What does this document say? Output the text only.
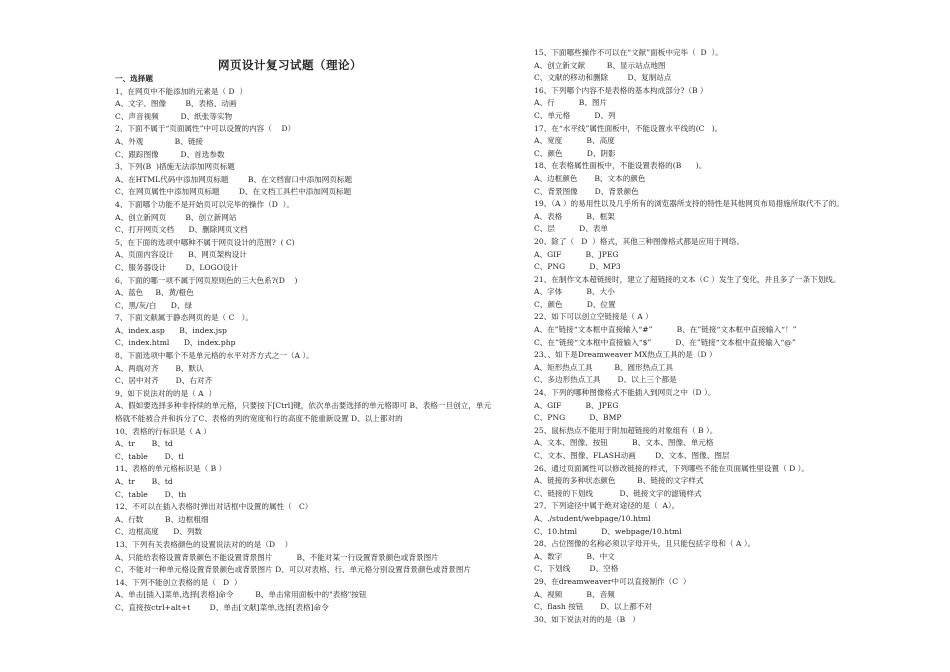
网页设计复习试题（理论）
一、选择题
1、在网页中不能添加的元素是（ D  ）
A、文字、图像        B、表格、动画
C、声音视频         D、纸张等实物
2、下面不属于“页面属性”中可以设置的内容（    D）
A、外观             B、链接
C、跟踪图像         D、首选参数
3、下列(B  )措施无法添加网页标题
A、在HTML代码中添加网页标题        B、在文档窗口中添加网页标题
C、在网页属性中添加网页标题        D、在文档工具栏中添加网页标题
4、下面哪个功能不是开始页可以完毕的操作（D  ）。
A、创立新网页        B、创立新网站
C、打开网页文档      D、删除网页文档
5、在下面的选项中哪种不属于网页设计的范围?  ( C)
A、页面内容设计      B、网页架构设计
C、服务器设计        D、LOGO设计
6、下面的哪一项不属于网页原则色的三大色系?(D    )
A、蓝色     B、黄/橙色
C、黑/灰/白      D、绿
7、下面文献属于静态网页的是（ C   ）。
A、index.asp      B、index.jsp
C、index.html      D、index.php
8、下面选项中哪个不是单元格的水平对齐方式之一（A ）。
A、两端对齐       B、默认
C、居中对齐       D、右对齐
9、如下说法对的的是（ A  ）
A、假如要选择多种非持续的单元格，只要按下[Ctrl]键，依次单击要选择的单元格即可 B、表格一旦创立，单元格就不能被合并和拆分了C、表格的列的宽度和行的高度不能重新设置 D、以上都对的
10、表格的行标识是（ A ）
A、tr       B、td
C、table       D、tl
11、表格的单元格标识是（ B ）
A、tr       B、td
C、table       D、th
12、不可以在插入表格时弹出对话框中设置的属性（   C）
A、行数         B、边框粗细
C、边框高度      D、列数
13、下列有关表格颜色的设置说法对的的是（D    ）
A、只能给表格设置背景颜色不能设置背景图片          B、不能对某一行设置背景颜色或背景图片
C、不能对一种单元格设置背景颜色或背景图片 D、可以对表格、行、单元格分别设置背景颜色或背景图片
14、下列不能创立表格的是（   D  ）
A、单击[插入]菜单,选择[表格]命令         B、单击常用面板中的"表格"按钮
C、直接按ctrl+alt+t        D、单击[文献]菜单,选择[表格]命令
15、下面哪些操作不可以在“文献”面板中完毕（  D  ）。
A、创立新文献         B、显示站点地图
C、文献的移动和删除        D、复制站点
16、下列哪个内容不是表格的基本构成部分?（B ）
A、行          B、图片
C、单元格          D、列
17、在“水平线”属性面板中，不能设置水平线的(C   )。
A、宽度          B、高度
C、颜色          D、阴影
18、在表格属性面板中，不能设置表格的(B      )。
A、边框颜色       B、文本的颜色
C、背景图像       D、背景颜色
19、（A ）的易用性以及几乎所有的浏览器所支持的特性是其他网页布局措施所取代不了的。
A、表格          B、框架
C、层          D、表单
20、除了（   D  ）格式，其他三种图像格式都是应用于网络。
A、GIF          B、JPEG
C、PNG          D、MP3
21、在制作文本超链接时，建立了超链接的文本（C ）发生了变化，并且多了一条下划线。
A、字体          B、大小
C、颜色          D、位置
22、如下可以创立空链接是（ A ）
A、在”链接“文本框中直接输入“#”          B、在”链接“文本框中直接输入“！”
C、在”链接“文本框中直接输入“$”          D、在”链接“文本框中直接输入“@”
23、、如下是Dreamweaver MX热点工具的是（D ）
A、矩形热点工具         B、圆形热点工具
C、多边形热点工具       D、以上三个都是
24、下列的哪种图像格式不能插入到网页之中（D ）。
A、GIF          B、JPEG
C、PNG          D、BMP
25、鼠标热点不能用于附加超链接的对象组有（ B ）。
A、文本、图像、按钮          B、文本、图像、单元格
C、文本、图像、FLASH动画        D、文本、图像、图层
26、通过页面属性可以修改链接的样式，下列哪些不能在页面属性里设置（ D ）。
A、链接的多种状态颜色         B、链接的文字样式
C、链接的下划线           D、链接文字的滤镜样式
27、下列途径中属于绝对途径的是（  A）。
A、./student/webpage/10.html
C、10.html          D、webpage/10.html
28、占位图像的名称必须以字母开头，且只能包括字母和（ A ）。
A、数字          B、中文
C、下划线        D、空格
29、在dreamweaver中可以直接制作（C  ）
A、视频          B、音频
C、flash 按钮       D、以上都不对
30、如下说法对的的是（B   ）
